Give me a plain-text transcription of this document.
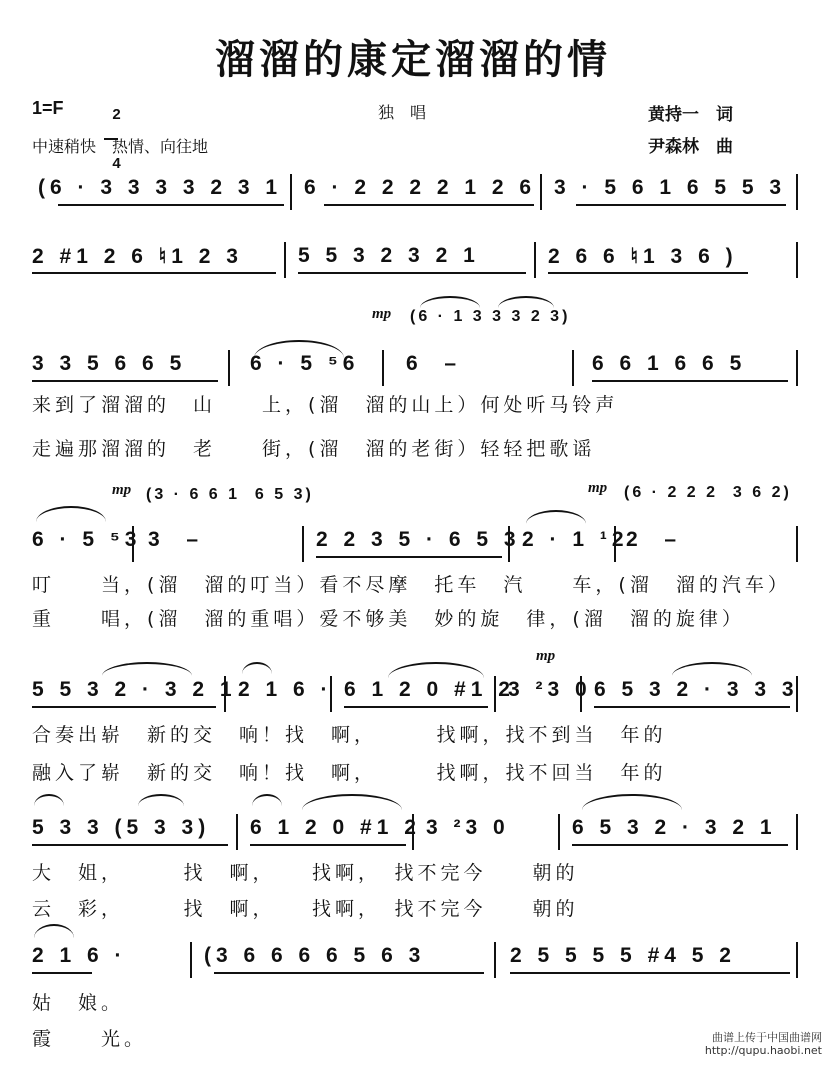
溜溜的康定溜溜的情
1=F	2

4

独　唱
中速稍快　热情、向往地
黄持一　词
尹森林　曲
(6 · 3 3 3 3 2 3 1 6 · 2 2 2 2 1 2 6 3 · 5 6 1 6 5 5 3
2 #1 2 6 ♮1 2 3	5 5 3 2 3 2 1	2 6 6 ♮1 3 6 )
mp (6 · 1 3 3 3 2 3)
3 3 5 6 6 5	6 · 5 ⁵6 6  –	6 6 1 6 6 5
来到了溜溜的　山　　上，(溜　溜的山上）何处听马铃声
走遍那溜溜的　老　　街，(溜　溜的老街）轻轻把歌谣
mp (3 · 6 6 1  6 5 3)	mp (6 · 2 2 2  3 6 2)
6 · 5 ⁵3 3  –	2 2 3 5 · 6 5 3 2 · 1 ¹2
2  –
叮　　当，(溜　溜的叮当）看不尽摩　托车　汽　　车，(溜　溜的汽车）
重　　唱，(溜　溜的重唱）爱不够美　妙的旋　律，(溜　溜的旋律）
mp
5 5 3 2 · 3 2 1 2 1 6 · 6 1 2 0 #1 2
3 ²3 0 6 5 3 2 · 3 3 3
合奏出崭　新的交　响！找　啊，　　　找啊，找不到当　年的
融入了崭　新的交　响！找　啊，　　　找啊，找不回当　年的
5 3 3 (5 3 3) 6 1 2 0 #1 2 3 ²3 0	6 5 3 2 · 3 2 1
大　姐，　　　找　啊，　　找啊，　找不完今　　朝的
云　彩，　　　找　啊，　　找啊，　找不完今　　朝的
2 1 6 ·	(3 6 6 6 6 5 6 3	2 5 5 5 5 #4 5 2
姑　娘。
霞　　光。	曲谱上传于中国曲谱网
http://qupu.haobi.net
